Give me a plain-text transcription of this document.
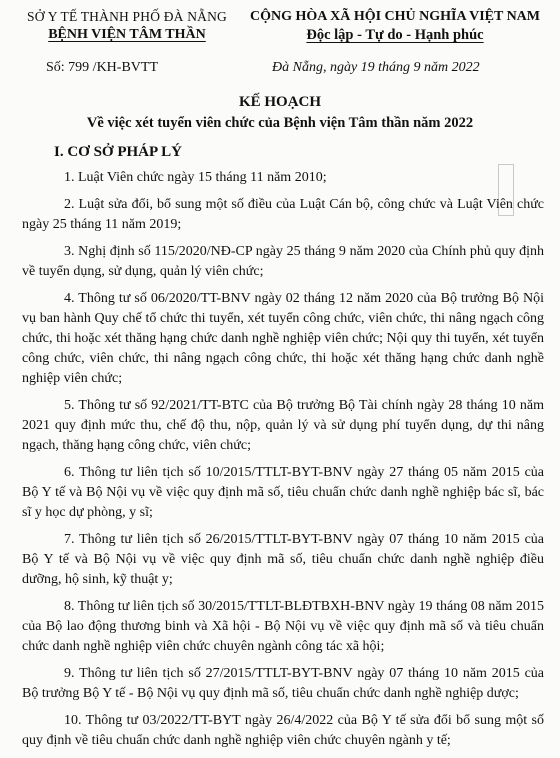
SỞ Y TẾ THÀNH PHỐ ĐÀ NẴNG
BỆNH VIỆN TÂM THẦN
CỘNG HÒA XÃ HỘI CHỦ NGHĨA VIỆT NAM
Độc lập - Tự do - Hạnh phúc
Số: 799 /KH-BVTT	Đà Nẵng, ngày 19 tháng 9 năm 2022
KẾ HOẠCH
Về việc xét tuyển viên chức của Bệnh viện Tâm thần năm 2022
I. CƠ SỞ PHÁP LÝ

1. Luật Viên chức ngày 15 tháng 11 năm 2010;

2. Luật sửa đổi, bổ sung một số điều của Luật Cán bộ, công chức và Luật Viên chức ngày 25 tháng 11 năm 2019;

3. Nghị định số 115/2020/NĐ-CP ngày 25 tháng 9 năm 2020 của Chính phủ quy định về tuyển dụng, sử dụng, quản lý viên chức;

4. Thông tư số 06/2020/TT-BNV ngày 02 tháng 12 năm 2020 của Bộ trưởng Bộ Nội vụ ban hành Quy chế tổ chức thi tuyển, xét tuyển công chức, viên chức, thi nâng ngạch công chức, thi hoặc xét thăng hạng chức danh nghề nghiệp viên chức; Nội quy thi tuyển, xét tuyển công chức, viên chức, thi nâng ngạch công chức, thi hoặc xét thăng hạng chức danh nghề nghiệp viên chức;

5. Thông tư số 92/2021/TT-BTC của Bộ trưởng Bộ Tài chính ngày 28 tháng 10 năm 2021 quy định mức thu, chế độ thu, nộp, quản lý và sử dụng phí tuyển dụng, dự thi nâng ngạch, thăng hạng công chức, viên chức;

6. Thông tư liên tịch số 10/2015/TTLT-BYT-BNV ngày 27 tháng 05 năm 2015 của Bộ Y tế và Bộ Nội vụ về việc quy định mã số, tiêu chuẩn chức danh nghề nghiệp bác sĩ, bác sĩ y học dự phòng, y sĩ;

7. Thông tư liên tịch số 26/2015/TTLT-BYT-BNV ngày 07 tháng 10 năm 2015 của Bộ Y tế và Bộ Nội vụ về việc quy định mã số, tiêu chuẩn chức danh nghề nghiệp điều dưỡng, hộ sinh, kỹ thuật y;

8. Thông tư liên tịch số 30/2015/TTLT-BLĐTBXH-BNV ngày 19 tháng 08 năm 2015 của Bộ lao động thương binh và Xã hội - Bộ Nội vụ về việc quy định mã số và tiêu chuẩn chức danh nghề nghiệp viên chức chuyên ngành công tác xã hội;

9. Thông tư liên tịch số 27/2015/TTLT-BYT-BNV ngày 07 tháng 10 năm 2015 của Bộ trưởng Bộ Y tế - Bộ Nội vụ quy định mã số, tiêu chuẩn chức danh nghề nghiệp dược;

10. Thông tư 03/2022/TT-BYT ngày 26/4/2022 của Bộ Y tế sửa đổi bổ sung một số quy định về tiêu chuẩn chức danh nghề nghiệp viên chức chuyên ngành y tế;
